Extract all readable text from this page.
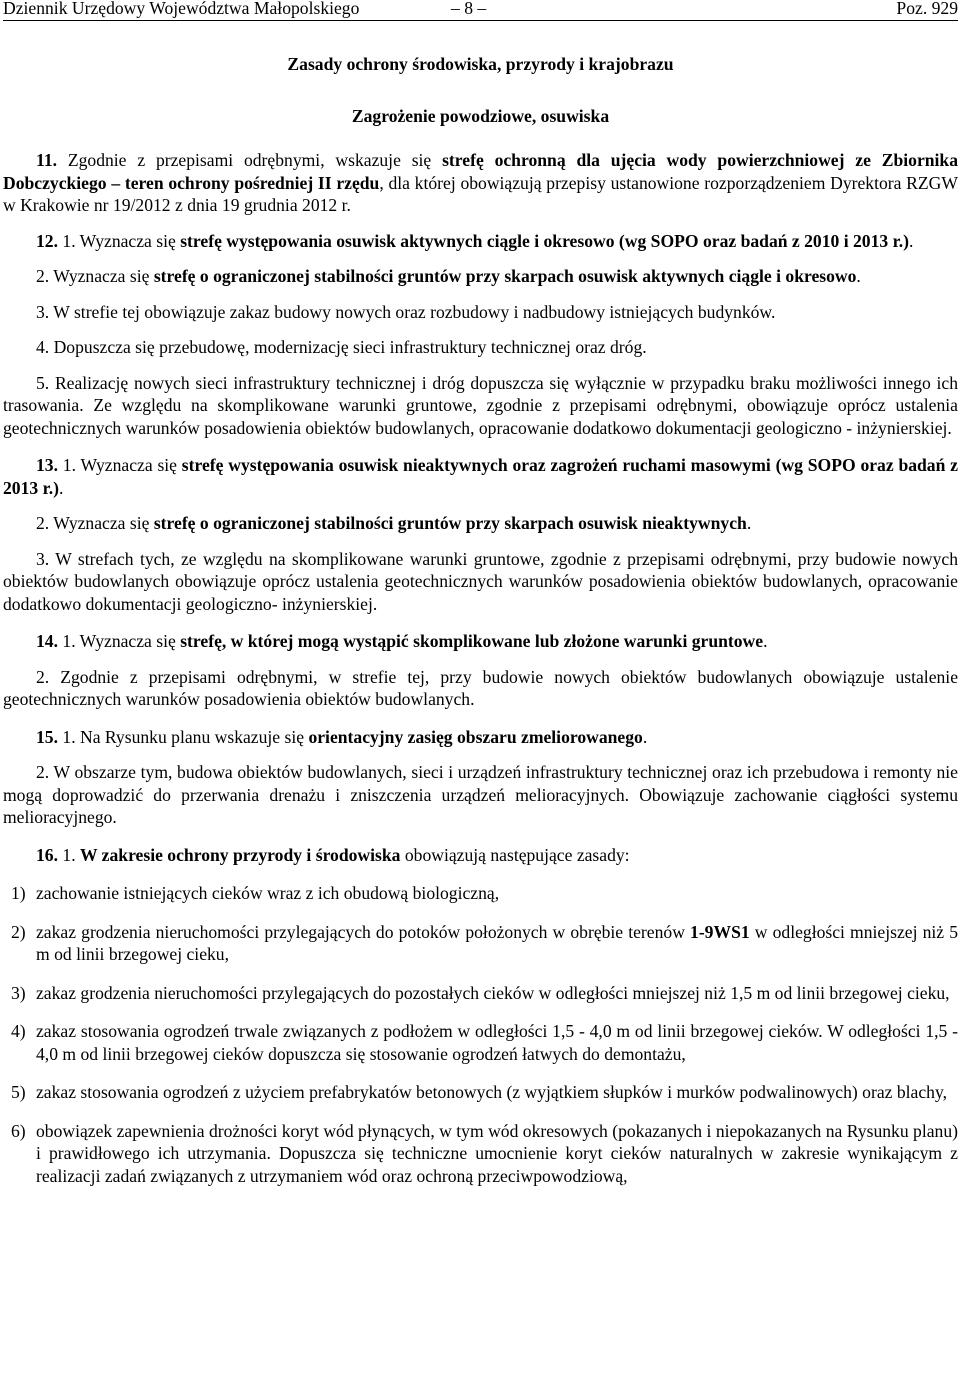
Dziennik Urzędowy Województwa Małopolskiego	– 8 –	Poz. 929
Zasady ochrony środowiska, przyrody i krajobrazu
Zagrożenie powodziowe, osuwiska

11. Zgodnie z przepisami odrębnymi, wskazuje się strefę ochronną dla ujęcia wody powierzchniowej ze Zbiornika Dobczyckiego – teren ochrony pośredniej II rzędu, dla której obowiązują przepisy ustanowione rozporządzeniem Dyrektora RZGW w Krakowie nr 19/2012 z dnia 19 grudnia 2012 r.

12. 1. Wyznacza się strefę występowania osuwisk aktywnych ciągle i okresowo (wg SOPO oraz badań z 2010 i 2013 r.).

2. Wyznacza się strefę o ograniczonej stabilności gruntów przy skarpach osuwisk aktywnych ciągle i okresowo.

3. W strefie tej obowiązuje zakaz budowy nowych oraz rozbudowy i nadbudowy istniejących budynków.

4. Dopuszcza się przebudowę, modernizację sieci infrastruktury technicznej oraz dróg.

5. Realizację nowych sieci infrastruktury technicznej i dróg dopuszcza się wyłącznie w przypadku braku możliwości innego ich trasowania. Ze względu na skomplikowane warunki gruntowe, zgodnie z przepisami odrębnymi, obowiązuje oprócz ustalenia geotechnicznych warunków posadowienia obiektów budowlanych, opracowanie dodatkowo dokumentacji geologiczno - inżynierskiej.

13. 1. Wyznacza się strefę występowania osuwisk nieaktywnych oraz zagrożeń ruchami masowymi (wg SOPO oraz badań z 2013 r.).

2. Wyznacza się strefę o ograniczonej stabilności gruntów przy skarpach osuwisk nieaktywnych.

3. W strefach tych, ze względu na skomplikowane warunki gruntowe, zgodnie z przepisami odrębnymi, przy budowie nowych obiektów budowlanych obowiązuje oprócz ustalenia geotechnicznych warunków posadowienia obiektów budowlanych, opracowanie dodatkowo dokumentacji geologiczno- inżynierskiej.

14. 1. Wyznacza się strefę, w której mogą wystąpić skomplikowane lub złożone warunki gruntowe.

2. Zgodnie z przepisami odrębnymi, w strefie tej, przy budowie nowych obiektów budowlanych obowiązuje ustalenie geotechnicznych warunków posadowienia obiektów budowlanych.

15. 1. Na Rysunku planu wskazuje się orientacyjny zasięg obszaru zmeliorowanego.

2. W obszarze tym, budowa obiektów budowlanych, sieci i urządzeń infrastruktury technicznej oraz ich przebudowa i remonty nie mogą doprowadzić do przerwania drenażu i zniszczenia urządzeń melioracyjnych. Obowiązuje zachowanie ciągłości systemu melioracyjnego.

16. 1. W zakresie ochrony przyrody i środowiska obowiązują następujące zasady:

1) zachowanie istniejących cieków wraz z ich obudową biologiczną,
2) zakaz grodzenia nieruchomości przylegających do potoków położonych w obrębie terenów 1-9WS1 w odległości mniejszej niż 5 m od linii brzegowej cieku,
3) zakaz grodzenia nieruchomości przylegających do pozostałych cieków w odległości mniejszej niż 1,5 m od linii brzegowej cieku,
4) zakaz stosowania ogrodzeń trwale związanych z podłożem w odległości 1,5 - 4,0 m od linii brzegowej cieków. W odległości 1,5 - 4,0 m od linii brzegowej cieków dopuszcza się stosowanie ogrodzeń łatwych do demontażu,
5) zakaz stosowania ogrodzeń z użyciem prefabrykatów betonowych (z wyjątkiem słupków i murków podwalinowych) oraz blachy,
6) obowiązek zapewnienia drożności koryt wód płynących, w tym wód okresowych (pokazanych i niepokazanych na Rysunku planu) i prawidłowego ich utrzymania. Dopuszcza się techniczne umocnienie koryt cieków naturalnych w zakresie wynikającym z realizacji zadań związanych z utrzymaniem wód oraz ochroną przeciwpowodziową,
